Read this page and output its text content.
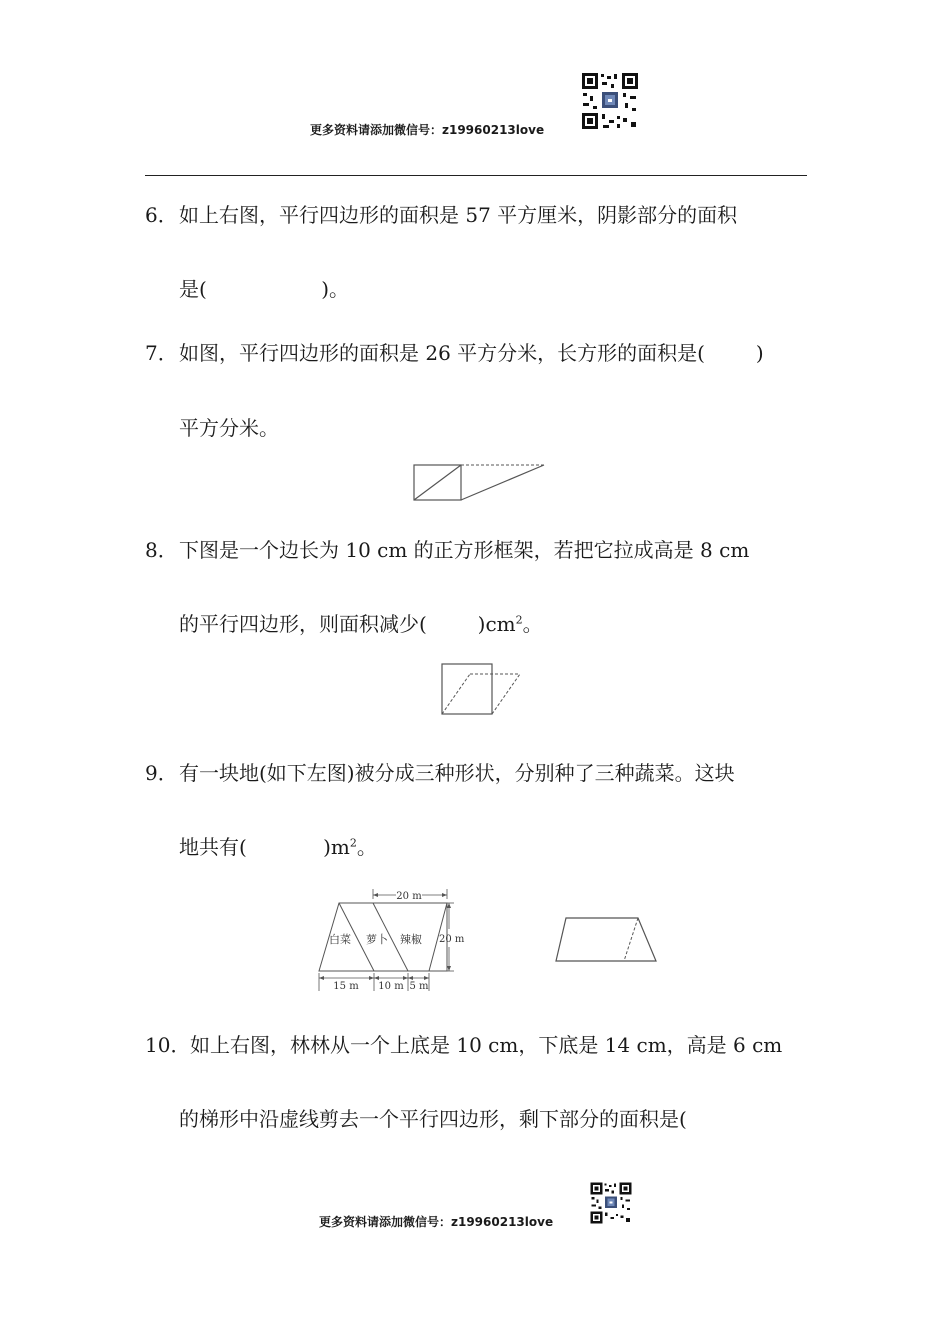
更多资料请添加微信号：z19960213love
6． 如上右图，平行四边形的面积是 57 平方厘米，阴影部分的面积
是(                  )。
7． 如图，平行四边形的面积是 26 平方分米，长方形的面积是(        )
平方分米。
8． 下图是一个边长为 10 cm 的正方形框架，若把它拉成高是 8 cm
的平行四边形，则面积减少(        )$cm^2$。
9． 有一块地(如下左图)被分成三种形状，分别种了三种蔬菜。这块
地共有(            )$m^2$。
20 m
白菜 萝卜 辣椒 20 m
15 m 10 m 5 m
10． 如上右图，林林从一个上底是 10 cm，下底是 14 cm，高是 6 cm
的梯形中沿虚线剪去一个平行四边形，剩下部分的面积是(
更多资料请添加微信号：z19960213love
